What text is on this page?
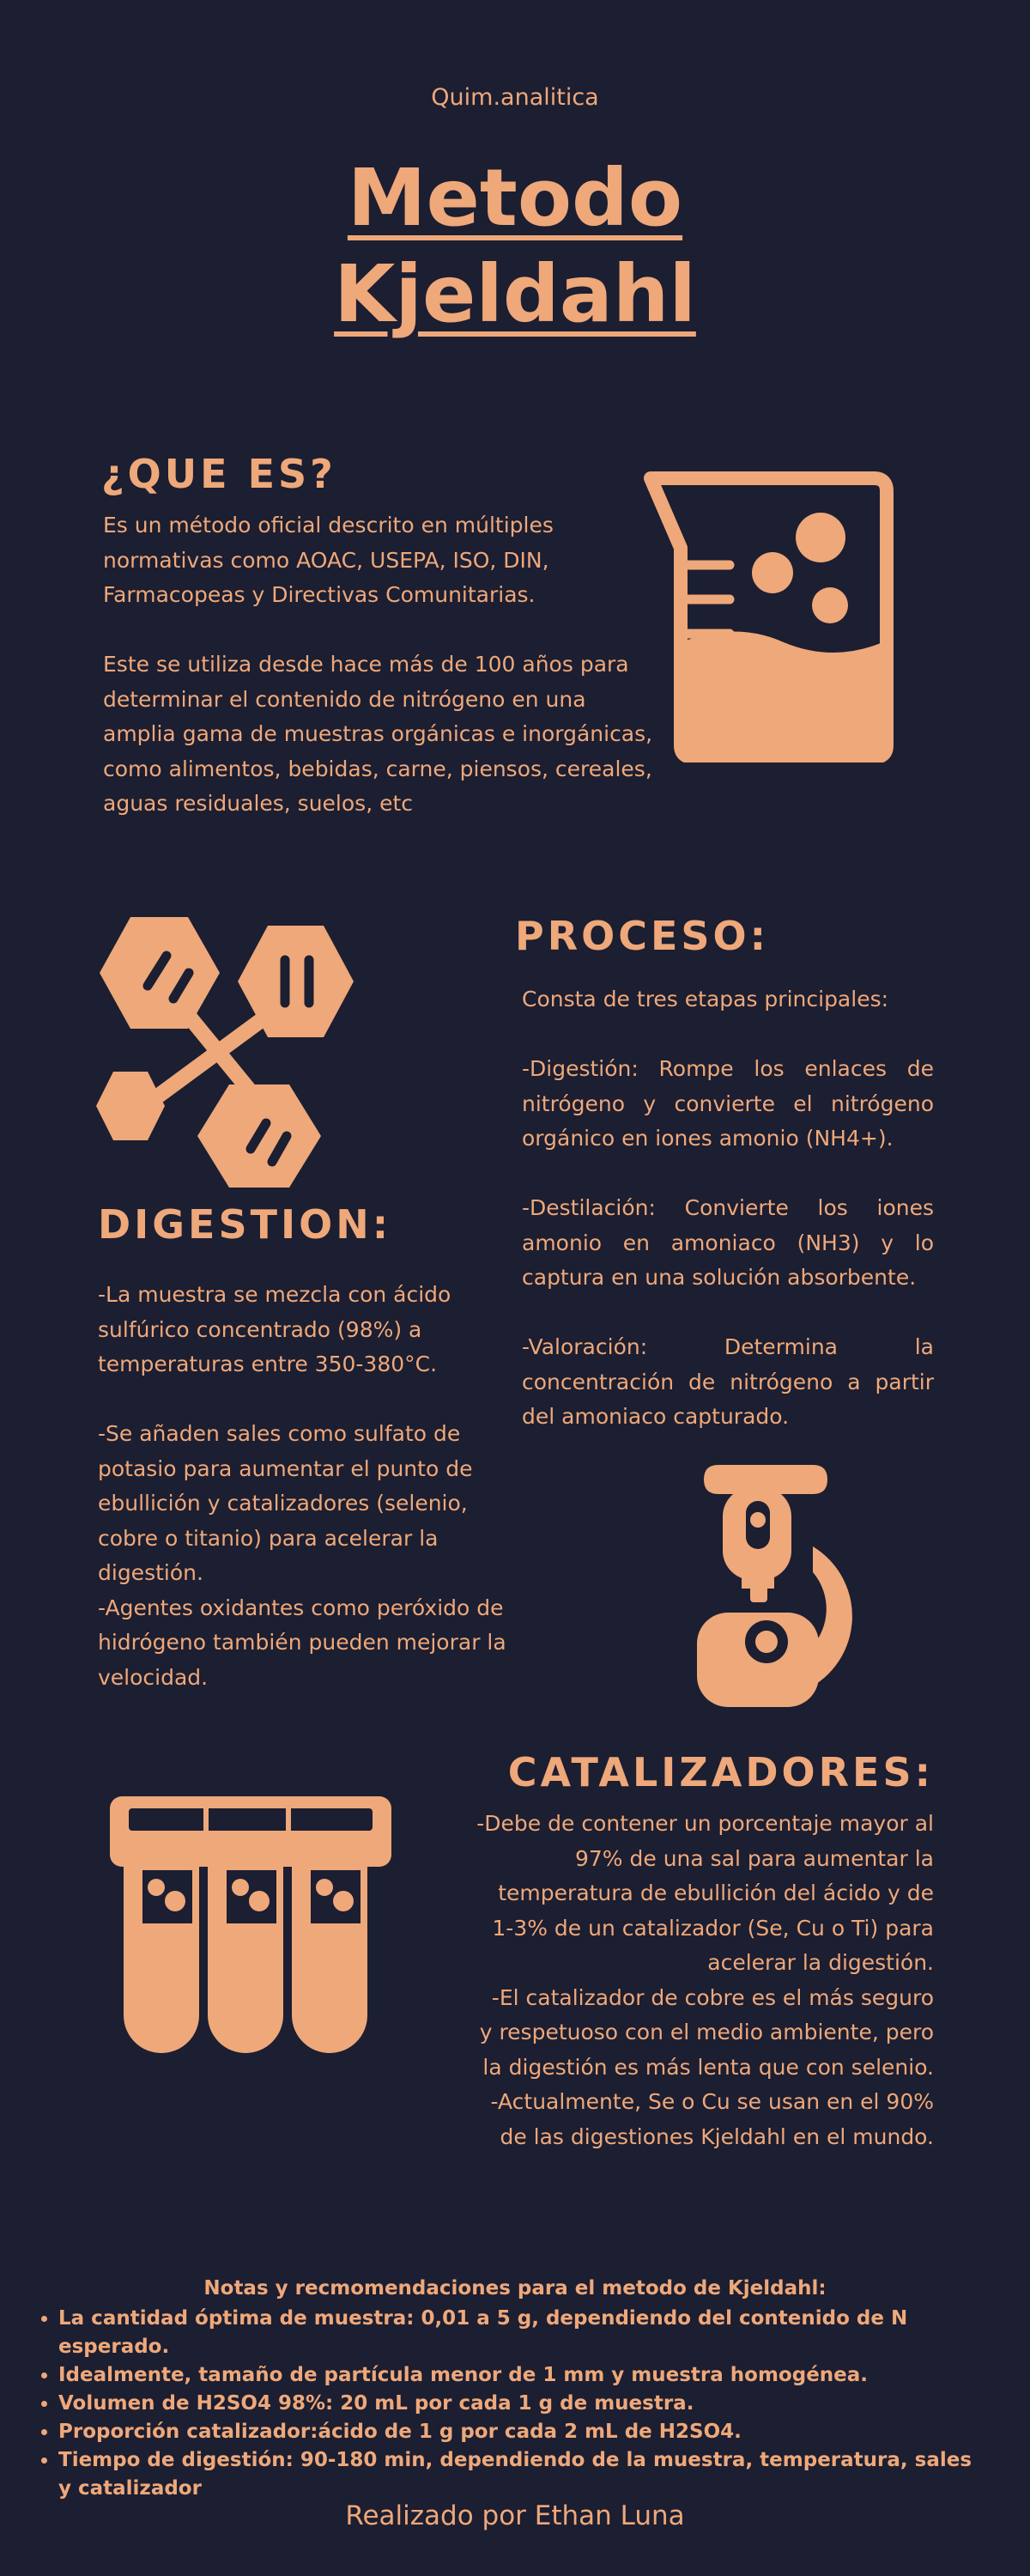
Quim.analitica
Metodo
Kjeldahl
¿QUE ES?
Es un método oficial descrito en múltiples
normativas como AOAC, USEPA, ISO, DIN,
Farmacopeas y Directivas Comunitarias.

Este se utiliza desde hace más de 100 años para
determinar el contenido de nitrógeno en una
amplia gama de muestras orgánicas e inorgánicas,
como alimentos, bebidas, carne, piensos, cereales,
aguas residuales, suelos, etc
PROCESO:
Consta de tres etapas principales:
-Digestión: Rompe los enlaces de nitrógeno y convierte el nitrógeno orgánico en iones amonio (NH4+).
-Destilación: Convierte los iones amonio en amoniaco (NH3) y lo captura en una solución absorbente.
-Valoración: Determina la concentración de nitrógeno a partir del amoniaco capturado.
DIGESTION:
-La muestra se mezcla con ácido
sulfúrico concentrado (98%) a
temperaturas entre 350-380°C.

-Se añaden sales como sulfato de
potasio para aumentar el punto de
ebullición y catalizadores (selenio,
cobre o titanio) para acelerar la
digestión.
-Agentes oxidantes como peróxido de
hidrógeno también pueden mejorar la
velocidad.
CATALIZADORES:
-Debe de contener un porcentaje mayor al
97% de una sal para aumentar la
temperatura de ebullición del ácido y de
1-3% de un catalizador (Se, Cu o Ti) para
acelerar la digestión.
-El catalizador de cobre es el más seguro
y respetuoso con el medio ambiente, pero
la digestión es más lenta que con selenio.
-Actualmente, Se o Cu se usan en el 90%
de las digestiones Kjeldahl en el mundo.
Notas y recmomendaciones para el metodo de Kjeldahl:
• La cantidad óptima de muestra: 0,01 a 5 g, dependiendo del contenido de N esperado.
• Idealmente, tamaño de partícula menor de 1 mm y muestra homogénea.
• Volumen de H2SO4 98%: 20 mL por cada 1 g de muestra.
• Proporción catalizador:ácido de 1 g por cada 2 mL de H2SO4.
• Tiempo de digestión: 90-180 min, dependiendo de la muestra, temperatura, sales y catalizador
Realizado por Ethan Luna
